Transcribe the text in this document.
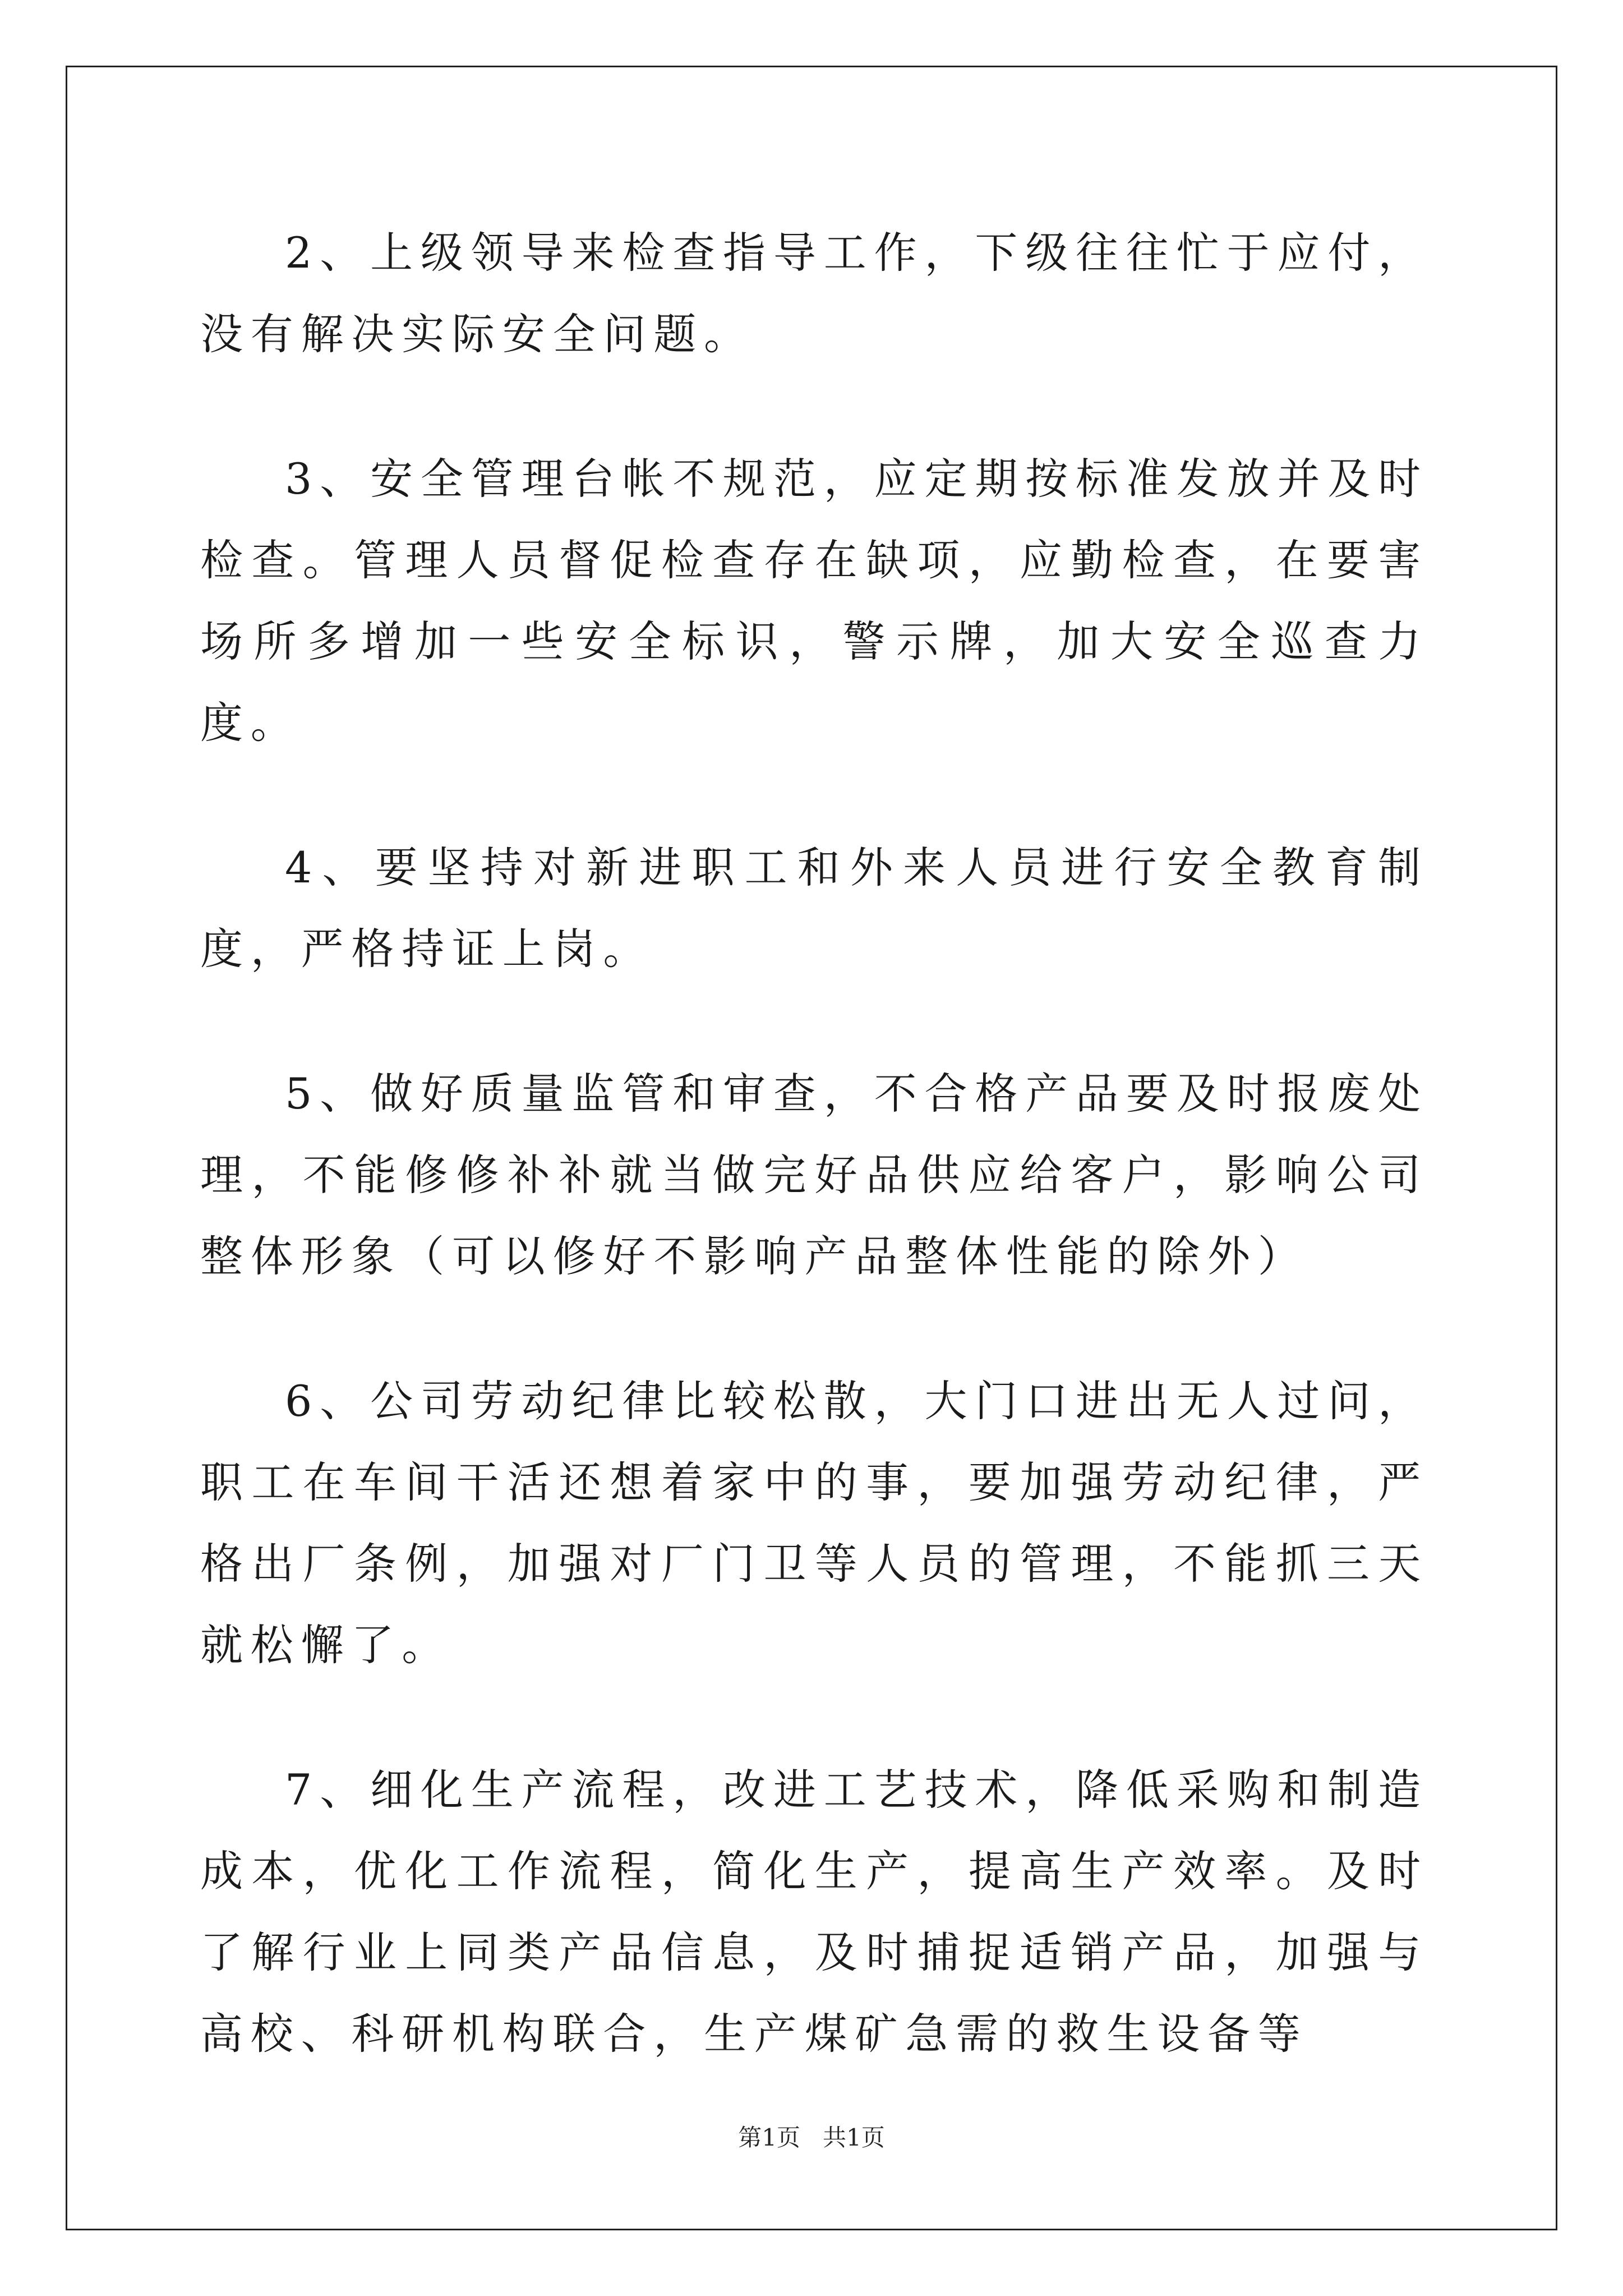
2、上级领导来检查指导工作，下级往往忙于应付，没有解决实际安全问题。

3、安全管理台帐不规范，应定期按标准发放并及时检查。管理人员督促检查存在缺项，应勤检查，在要害场所多增加一些安全标识，警示牌，加大安全巡查力度。

4、要坚持对新进职工和外来人员进行安全教育制度，严格持证上岗。

5、做好质量监管和审查，不合格产品要及时报废处理，不能修修补补就当做完好品供应给客户，影响公司整体形象（可以修好不影响产品整体性能的除外）

6、公司劳动纪律比较松散，大门口进出无人过问，职工在车间干活还想着家中的事，要加强劳动纪律，严格出厂条例，加强对厂门卫等人员的管理，不能抓三天就松懈了。

7、细化生产流程，改进工艺技术，降低采购和制造成本，优化工作流程，简化生产，提高生产效率。及时了解行业上同类产品信息，及时捕捉适销产品，加强与高校、科研机构联合，生产煤矿急需的救生设备等

第1页   共1页
